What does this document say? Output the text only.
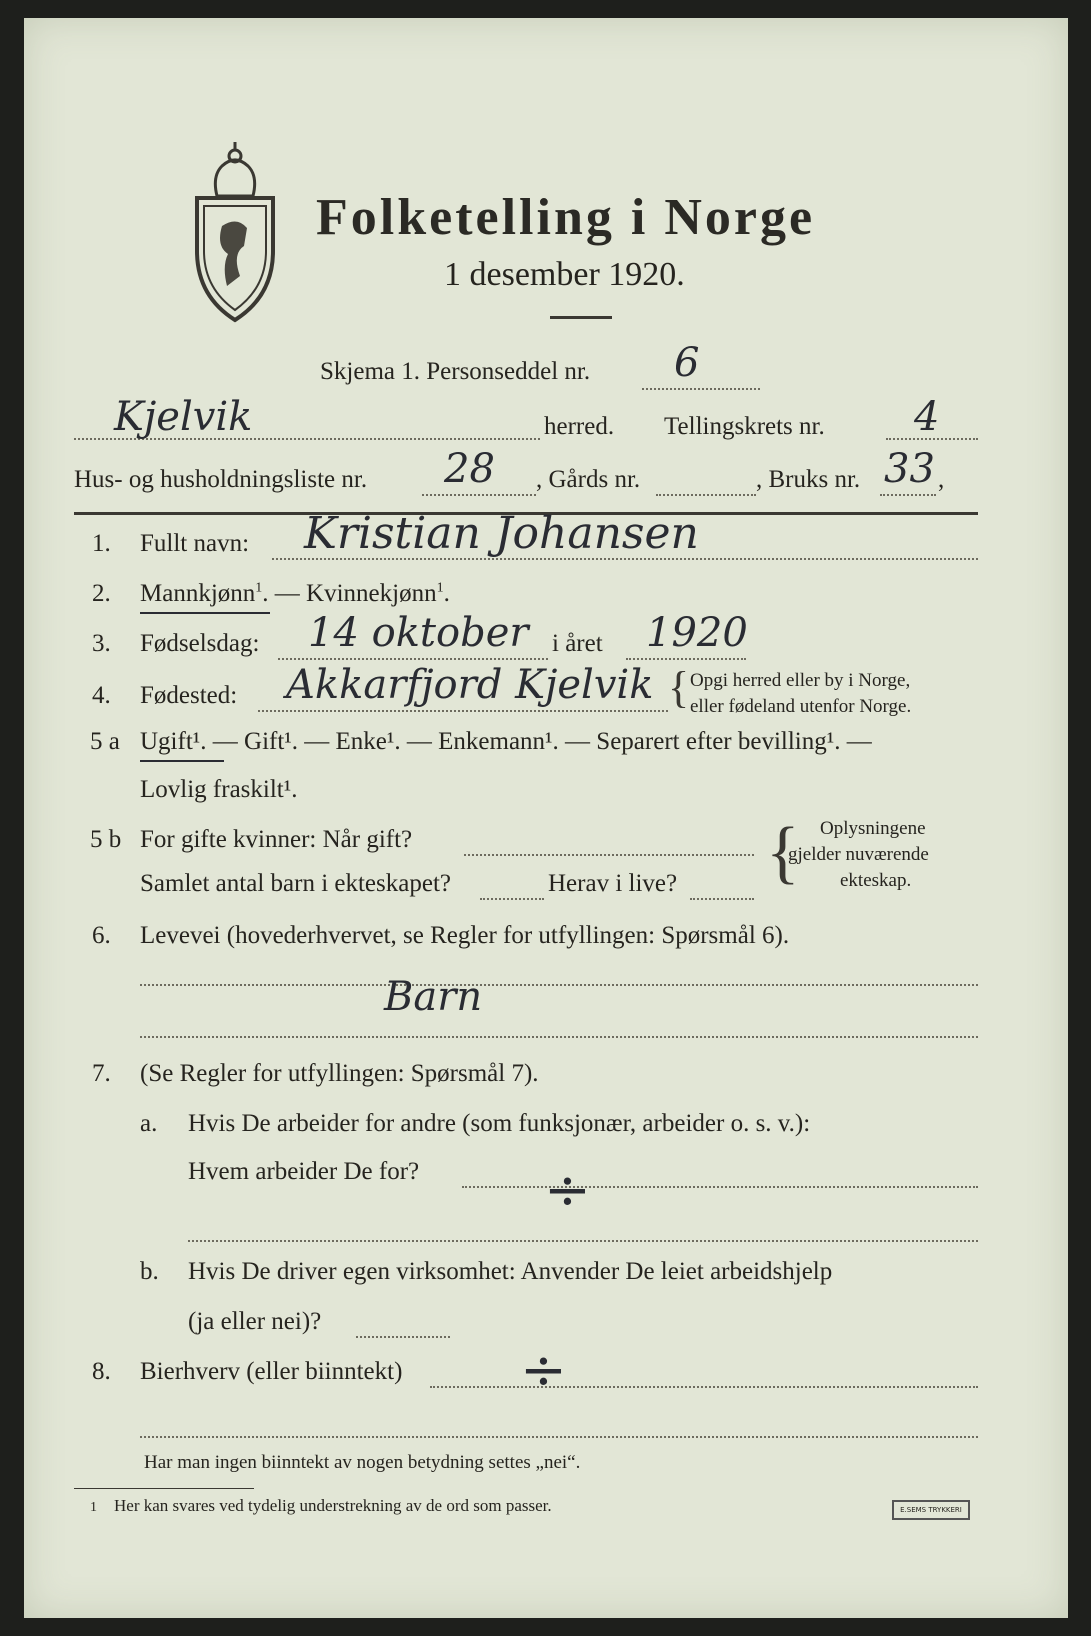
Folketelling i Norge
1 desember 1920.
Skjema 1. Personseddel nr. 6
Kjelvik	herred. Tellingskrets nr. 4
Hus- og husholdningsliste nr. 28 , Gårds nr.	, Bruks nr. 33 ,
1. Fullt navn: Kristian Johansen
2. Mannkjønn$^1$. — Kvinnekjønn$^1$.
3. Fødselsdag: 14 oktober i året 1920
4. Fødested: Akkarfjord Kjelvik { Opgi herred eller by i Norge,
eller fødeland utenfor Norge.
5 a Ugift¹. — Gift¹. — Enke¹. — Enkemann¹. — Separert efter bevilling¹. —
Lovlig fraskilt¹.
5 b For gifte kvinner: Når gift?
Samlet antal barn i ekteskapet?	Herav i live? { Oplysningene
gjelder nuværende
ekteskap.
6. Levevei (hovederhvervet, se Regler for utfyllingen: Spørsmål 6).
Barn
7. (Se Regler for utfyllingen: Spørsmål 7).
a. Hvis De arbeider for andre (som funksjonær, arbeider o. s. v.):
Hvem arbeider De for? ÷
b. Hvis De driver egen virksomhet: Anvender De leiet arbeidshjelp
(ja eller nei)?
8. Bierhverv (eller biinntekt) ÷
Har man ingen biinntekt av nogen betydning settes „nei“.
1 Her kan svares ved tydelig understrekning av de ord som passer.	E.SEMS TRYKKERI
